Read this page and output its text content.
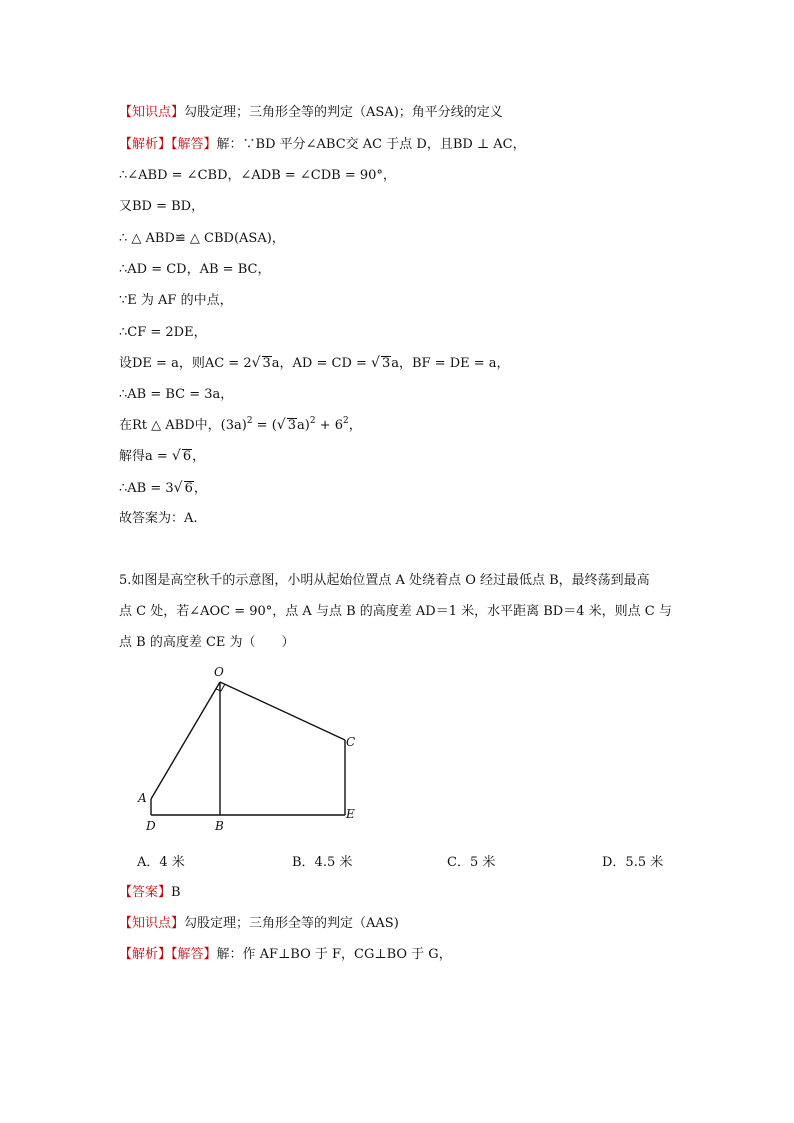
【知识点】勾股定理；三角形全等的判定（ASA)；角平分线的定义
【解析】【解答】解：∵BD 平分∠ABC交 AC 于点 D，且BD ⊥ AC，
∴∠ABD = ∠CBD，∠ADB = ∠CDB = 90°，
又BD = BD，
∴ △ ABD≌ △ CBD(ASA)，
∴AD = CD，AB = BC，
∵E 为 AF 的中点，
∴CF = 2DE，
设DE = a，则AC = 2√ 3a，AD = CD = √ 3a，BF = DE = a，
∴AB = BC = 3a，
在Rt △ ABD中，$(3a)^2$ = (√ $3a)^2 + 6^2$，
解得a = √ 6，
∴AB = 3√ 6，
故答案为：A.
5.如图是高空秋千的示意图，小明从起始位置点 A 处绕着点 O 经过最低点 B，最终荡到最高
点 C 处，若∠AOC = 90°，点 A 与点 B 的高度差 AD＝1 米，水平距离 BD＝4 米，则点 C 与
点 B 的高度差 CE 为（　　）
O
A
D	B
C
E
A．4 米	B．4.5 米	C．5 米	D．5.5 米
【答案】B
【知识点】勾股定理；三角形全等的判定（AAS)
【解析】【解答】解：作 AF⊥BO 于 F，CG⊥BO 于 G，
